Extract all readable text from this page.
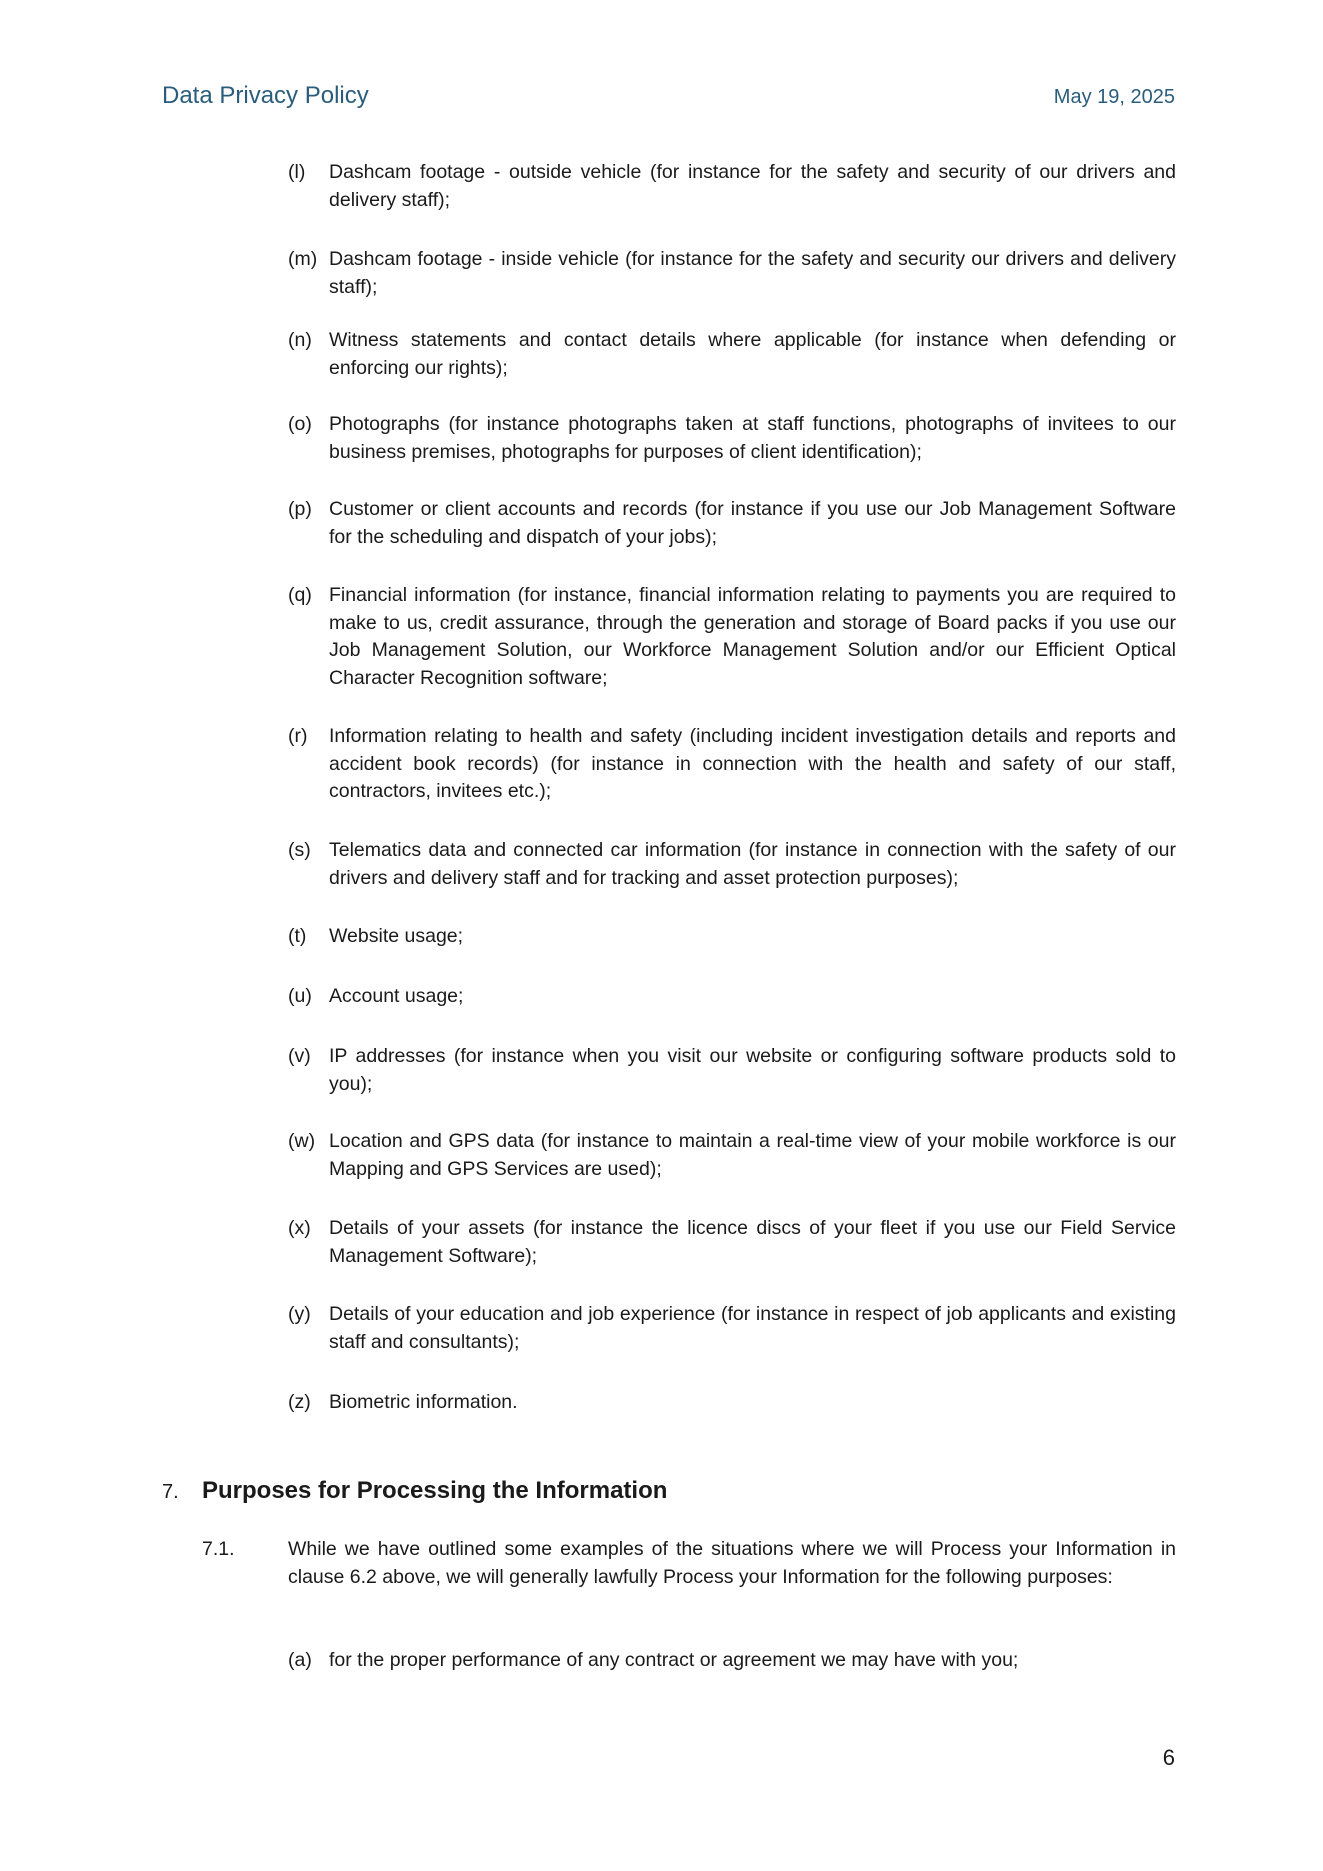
Data Privacy Policy	May 19, 2025
(l)	Dashcam footage - outside vehicle (for instance for the safety and security of our drivers and delivery staff);
(m) Dashcam footage - inside vehicle (for instance for the safety and security our drivers and delivery staff);
(n) Witness statements and contact details where applicable (for instance when defending or enforcing our rights);
(o) Photographs (for instance photographs taken at staff functions, photographs of invitees to our business premises, photographs for purposes of client identification);
(p) Customer or client accounts and records (for instance if you use our Job Management Software for the scheduling and dispatch of your jobs);
(q) Financial information (for instance, financial information relating to payments you are required to make to us, credit assurance, through the generation and storage of Board packs if you use our Job Management Solution, our Workforce Management Solution and/or our Efficient Optical Character Recognition software;
(r)	Information relating to health and safety (including incident investigation details and reports and accident book records) (for instance in connection with the health and safety of our staff, contractors, invitees etc.);
(s) Telematics data and connected car information (for instance in connection with the safety of our drivers and delivery staff and for tracking and asset protection purposes);
(t)	Website usage;
(u) Account usage;
(v) IP addresses (for instance when you visit our website or configuring software products sold to you);
(w) Location and GPS data (for instance to maintain a real-time view of your mobile workforce is our Mapping and GPS Services are used);
(x) Details of your assets (for instance the licence discs of your fleet if you use our Field Service Management Software);
(y) Details of your education and job experience (for instance in respect of job applicants and existing staff and consultants);
(z) Biometric information.
7. Purposes for Processing the Information
7.1.	While we have outlined some examples of the situations where we will Process your Information in clause 6.2 above, we will generally lawfully Process your Information for the following purposes:
(a) for the proper performance of any contract or agreement we may have with you;
6
